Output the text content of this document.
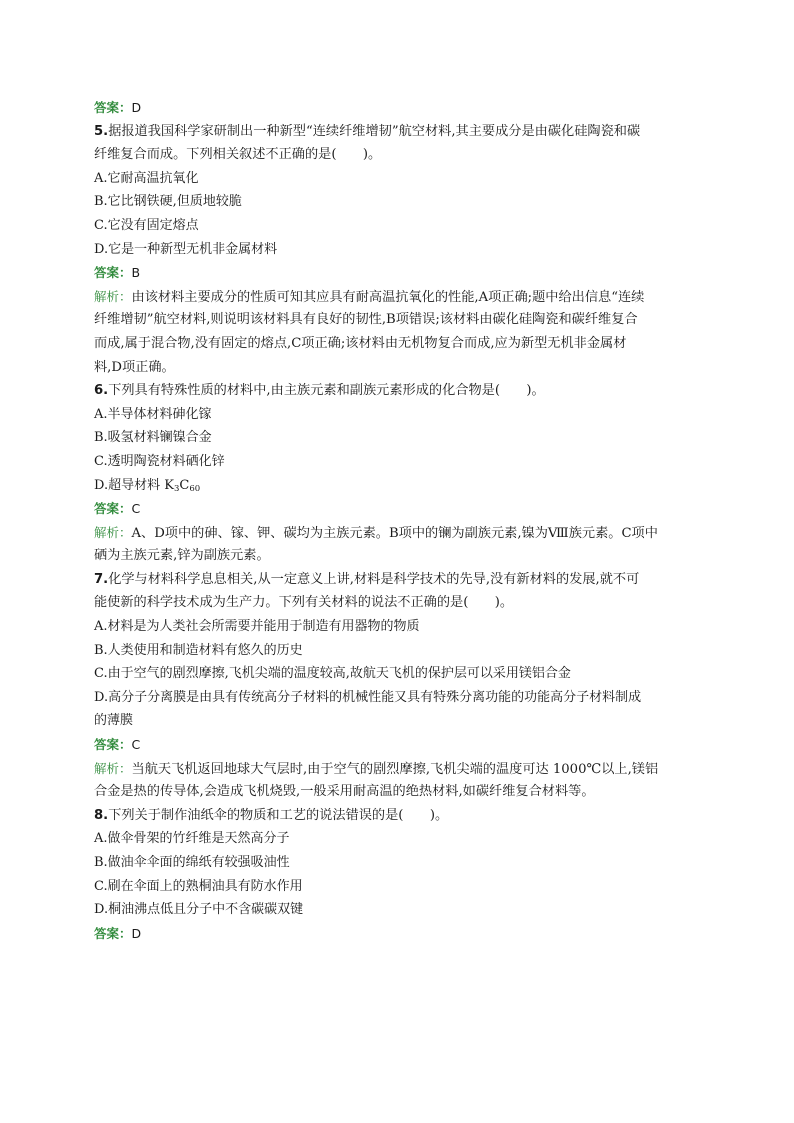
答案：D
5.据报道我国科学家研制出一种新型“连续纤维增韧”航空材料,其主要成分是由碳化硅陶瓷和碳
纤维复合而成。下列相关叙述不正确的是(　　)。
A.它耐高温抗氧化
B.它比钢铁硬,但质地较脆
C.它没有固定熔点
D.它是一种新型无机非金属材料
答案：B
解析：由该材料主要成分的性质可知其应具有耐高温抗氧化的性能,A项正确;题中给出信息“连续
纤维增韧”航空材料,则说明该材料具有良好的韧性,B项错误;该材料由碳化硅陶瓷和碳纤维复合
而成,属于混合物,没有固定的熔点,C项正确;该材料由无机物复合而成,应为新型无机非金属材
料,D项正确。
6.下列具有特殊性质的材料中,由主族元素和副族元素形成的化合物是(　　)。
A.半导体材料砷化镓
B.吸氢材料镧镍合金
C.透明陶瓷材料硒化锌
D.超导材料 $K_3C_{60}$
答案：C
解析：A、D项中的砷、镓、钾、碳均为主族元素。B项中的镧为副族元素,镍为Ⅷ族元素。C项中
硒为主族元素,锌为副族元素。
7.化学与材料科学息息相关,从一定意义上讲,材料是科学技术的先导,没有新材料的发展,就不可
能使新的科学技术成为生产力。下列有关材料的说法不正确的是(　　)。
A.材料是为人类社会所需要并能用于制造有用器物的物质
B.人类使用和制造材料有悠久的历史
C.由于空气的剧烈摩擦,飞机尖端的温度较高,故航天飞机的保护层可以采用镁铝合金
D.高分子分离膜是由具有传统高分子材料的机械性能又具有特殊分离功能的功能高分子材料制成
的薄膜
答案：C
解析：当航天飞机返回地球大气层时,由于空气的剧烈摩擦,飞机尖端的温度可达 1000℃以上,镁铝
合金是热的传导体,会造成飞机烧毁,一般采用耐高温的绝热材料,如碳纤维复合材料等。
8.下列关于制作油纸伞的物质和工艺的说法错误的是(　　)。
A.做伞骨架的竹纤维是天然高分子
B.做油伞伞面的绵纸有较强吸油性
C.刷在伞面上的熟桐油具有防水作用
D.桐油沸点低且分子中不含碳碳双键
答案：D
